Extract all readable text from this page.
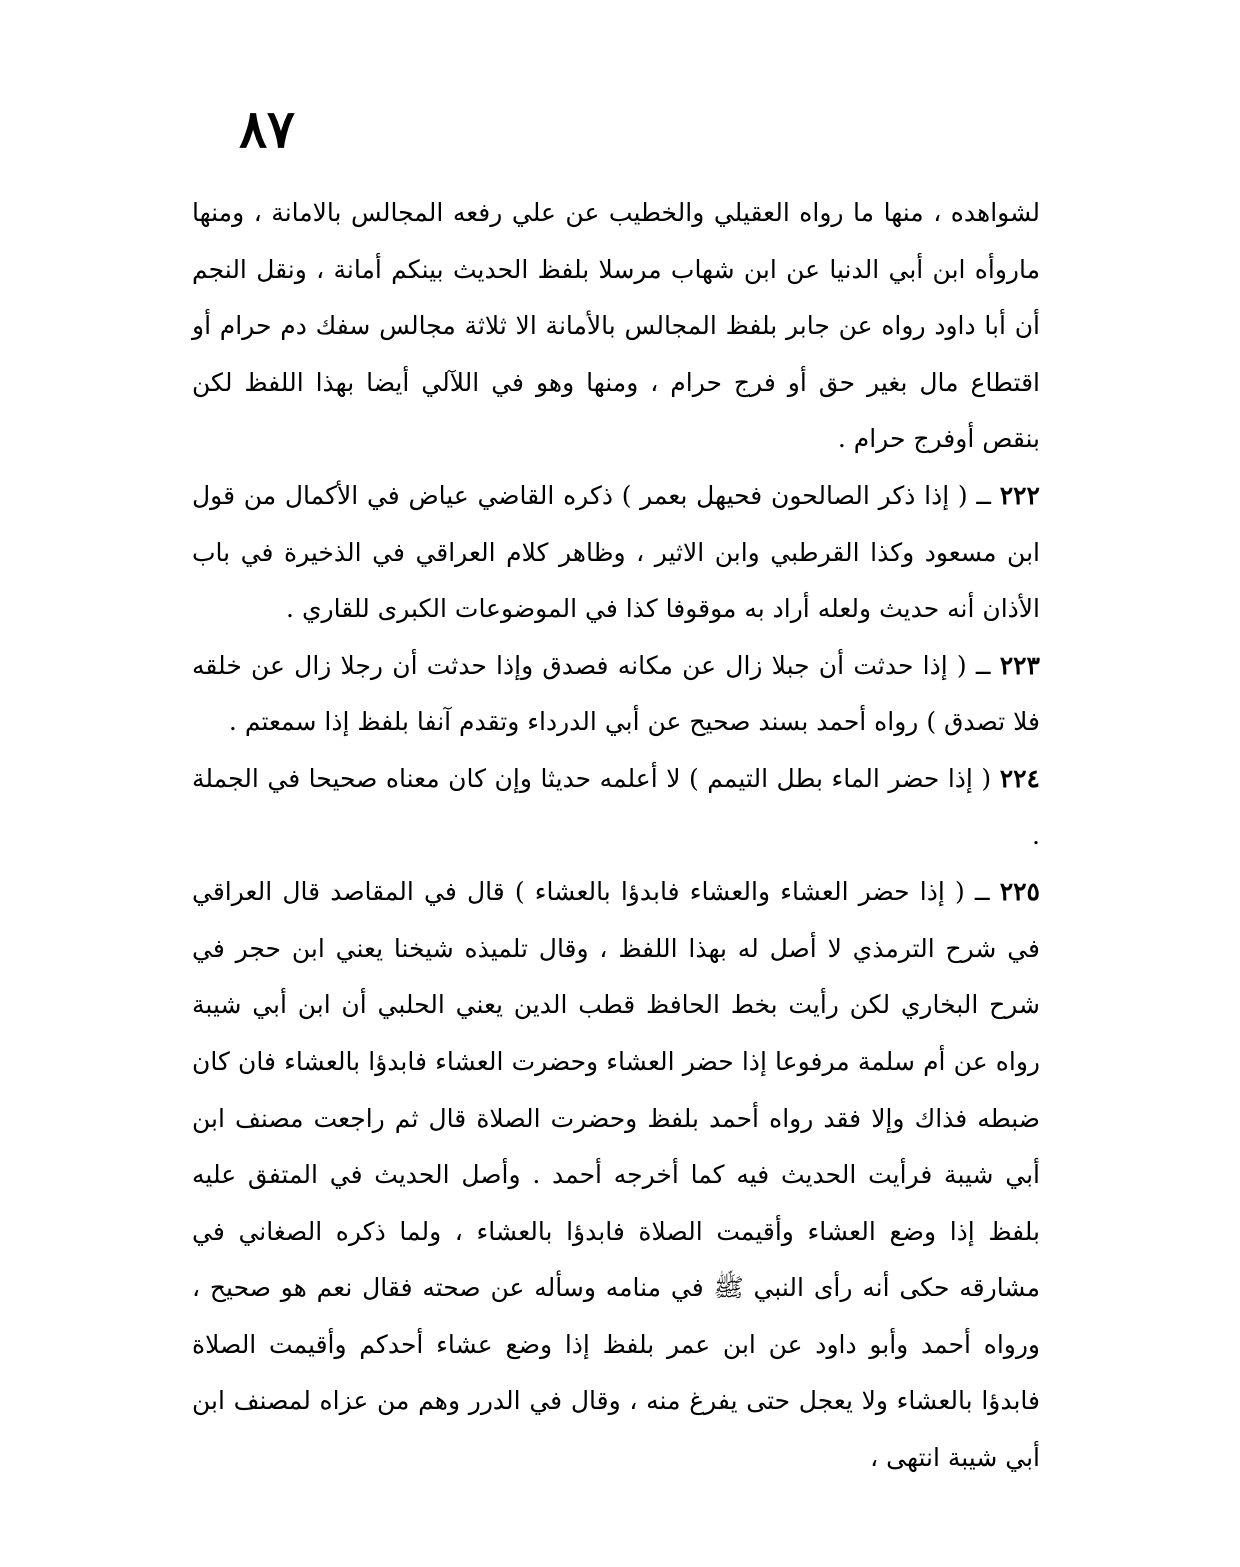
٨٧

لشواهده ، منها ما رواه العقيلي والخطيب عن علي رفعه المجالس بالامانة ، ومنها ماروأه ابن أبي الدنيا عن ابن شهاب مرسلا بلفظ الحديث بينكم أمانة ، ونقل النجم أن أبا داود رواه عن جابر بلفظ المجالس بالأمانة الا ثلاثة مجالس سفك دم حرام أو اقتطاع مال بغير حق أو فرج حرام ، ومنها وهو في اللآلي أيضا بهذا اللفظ لكن بنقص أوفرج حرام .

٢٢٢ ــ ( إذا ذكر الصالحون فحيهل بعمر ) ذكره القاضي عياض في الأكمال من قول ابن مسعود وكذا القرطبي وابن الاثير ، وظاهر كلام العراقي في الذخيرة في باب الأذان أنه حديث ولعله أراد به موقوفا كذا في الموضوعات الكبرى للقاري .

٢٢٣ ــ ( إذا حدثت أن جبلا زال عن مكانه فصدق وإذا حدثت أن رجلا زال عن خلقه فلا تصدق ) رواه أحمد بسند صحيح عن أبي الدرداء وتقدم آنفا بلفظ إذا سمعتم .

٢٢٤ ( إذا حضر الماء بطل التيمم ) لا أعلمه حديثا وإن كان معناه صحيحا في الجملة .

٢٢٥ ــ ( إذا حضر العشاء والعشاء فابدؤا بالعشاء ) قال في المقاصد قال العراقي في شرح الترمذي لا أصل له بهذا اللفظ ، وقال تلميذه شيخنا يعني ابن حجر في شرح البخاري لكن رأيت بخط الحافظ قطب الدين يعني الحلبي أن ابن أبي شيبة رواه عن أم سلمة مرفوعا إذا حضر العشاء وحضرت العشاء فابدؤا بالعشاء فان كان ضبطه فذاك وإلا فقد رواه أحمد بلفظ وحضرت الصلاة قال ثم راجعت مصنف ابن أبي شيبة فرأيت الحديث فيه كما أخرجه أحمد . وأصل الحديث في المتفق عليه بلفظ إذا وضع العشاء وأقيمت الصلاة فابدؤا بالعشاء ، ولما ذكره الصغاني في مشارقه حكى أنه رأى النبي ﷺ في منامه وسأله عن صحته فقال نعم هو صحيح ، ورواه أحمد وأبو داود عن ابن عمر بلفظ إذا وضع عشاء أحدكم وأقيمت الصلاة فابدؤا بالعشاء ولا يعجل حتى يفرغ منه ، وقال في الدرر وهم من عزاه لمصنف ابن أبي شيبة انتهى ،
